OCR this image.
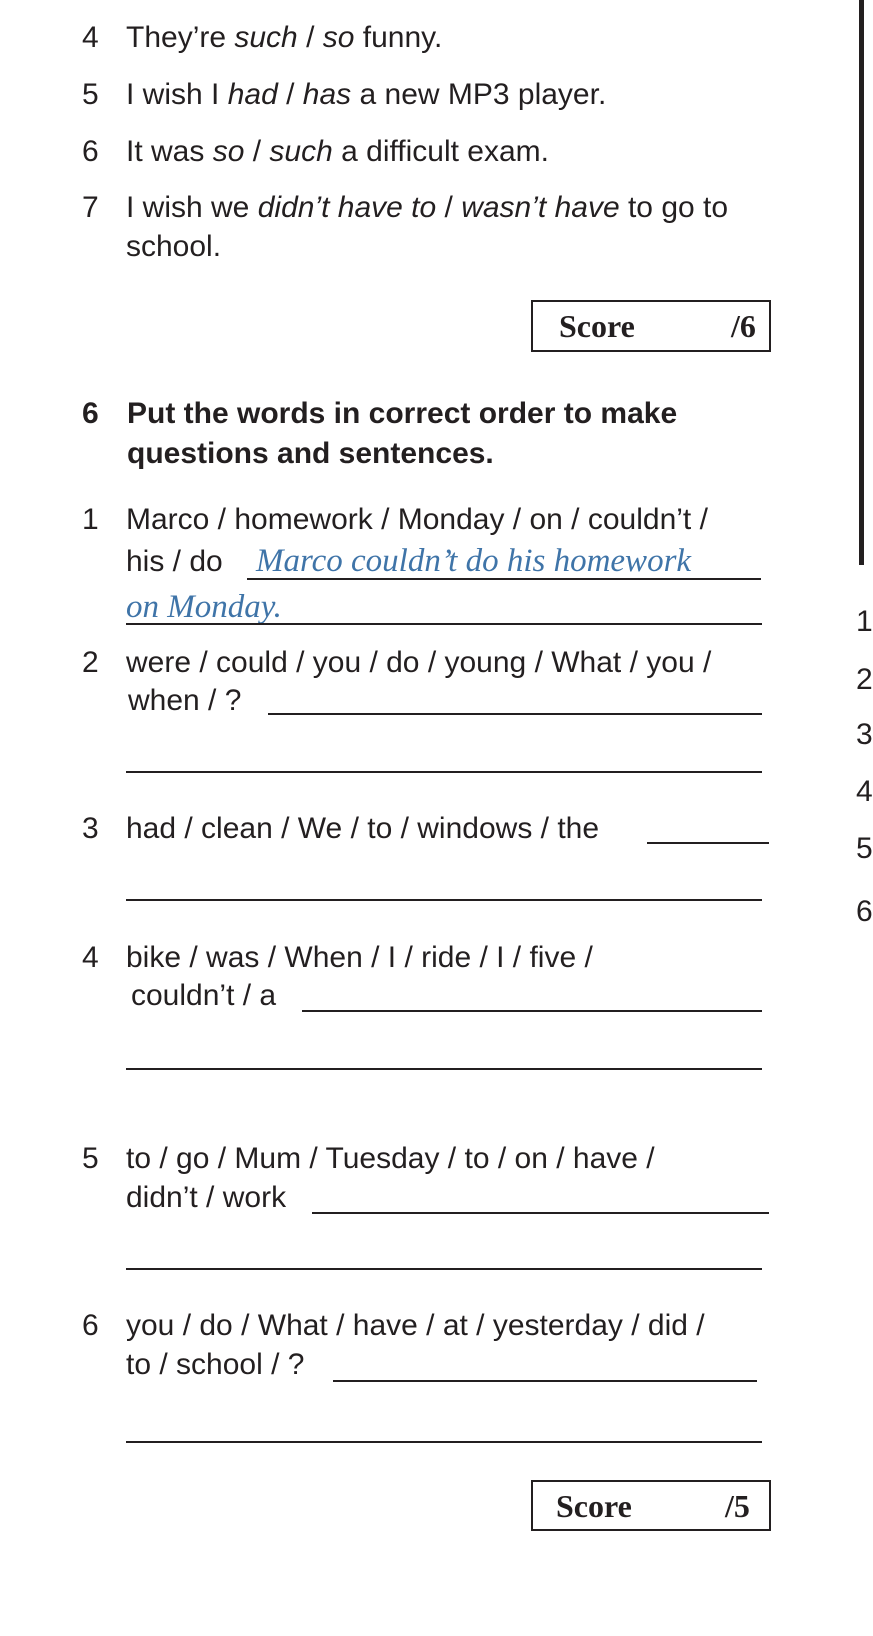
4 They’re such / so funny.
5 I wish I had / has a new MP3 player.
6 It was so / such a difficult exam.
7 I wish we didn’t have to / wasn’t have to go to
school.
Score	/6
6 Put the words in correct order to make
questions and sentences.
1 Marco / homework / Monday / on / couldn’t /
his / do Marco couldn’t do his homework
on Monday.
2 were / could / you / do / young / What / you /
when / ?
3 had / clean / We / to / windows / the
4 bike / was / When / I / ride / I / five /
couldn’t / a
5 to / go / Mum / Tuesday / to / on / have /
didn’t / work
6 you / do / What / have / at / yesterday / did /
to / school / ?
Score	/5
1
2
3
4
5
6
